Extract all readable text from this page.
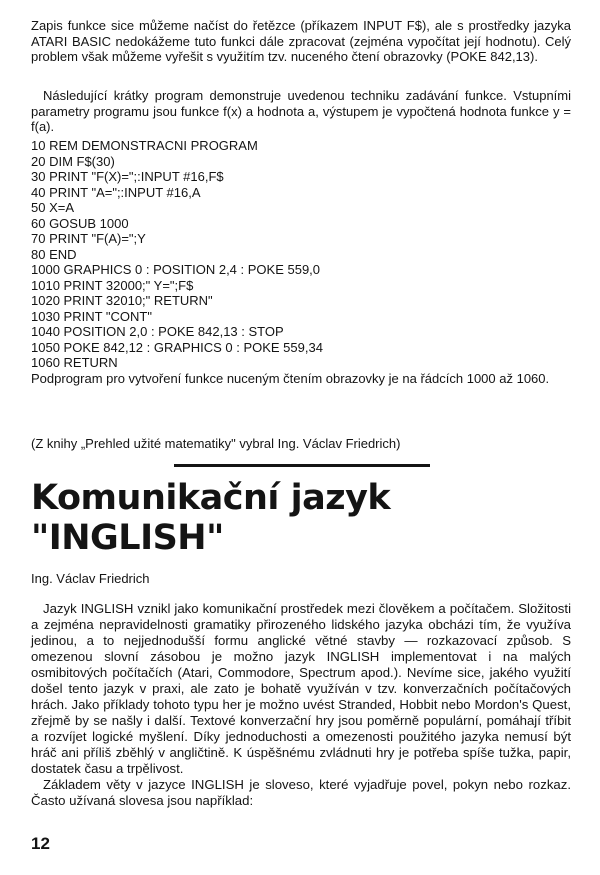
Zapis funkce sice můžeme načíst do řetězce (příkazem INPUT F$), ale s prostředky jazyka ATARI BASIC nedokážeme tuto funkci dále zpracovat (zejména vypočítat její hodnotu). Celý problem však můžeme vyřešit s využitím tzv. nuceného čtení obrazovky (POKE 842,13).

Následující krátky program demonstruje uvedenou techniku zadávání funkce. Vstupními parametry programu jsou funkce f(x) a hodnota a, výstupem je vypočtená hodnota funkce y = f(a).

10 REM DEMONSTRACNI PROGRAM

20 DIM F$(30)

30 PRINT "F(X)=";:INPUT #16,F$

40 PRINT "A=";:INPUT #16,A

50 X=A

60 GOSUB 1000

70 PRINT "F(A)=";Y

80 END

1000 GRAPHICS 0 : POSITION 2,4 : POKE 559,0

1010 PRINT 32000;" Y=";F$

1020 PRINT 32010;" RETURN"

1030 PRINT "CONT"

1040 POSITION 2,0 : POKE 842,13 : STOP

1050 POKE 842,12 : GRAPHICS 0 : POKE 559,34

1060 RETURN

Podprogram pro vytvoření funkce nuceným čtením obrazovky je na řádcích 1000 až 1060.

(Z knihy „Prehled užité matematiky" vybral Ing. Václav Friedrich)

Komunikační jazyk
"INGLISH"

Ing. Václav Friedrich

Jazyk INGLISH vznikl jako komunikační prostředek mezi člověkem a počítačem. Složitosti a zejména nepravidelnosti gramatiky přirozeného lidského jazyka obcházi tím, že využíva jedinou, a to nejjednodušší formu anglické větné stavby — rozkazovací způsob. S omezenou slovní zásobou je možno jazyk INGLISH implementovat i na malých osmibitových počítačích (Atari, Commodore, Spectrum apod.). Nevíme sice, jakého využití došel tento jazyk v praxi, ale zato je bohatě využíván v tzv. konverzačních počítačových hrách. Jako příklady tohoto typu her je možno uvést Stranded, Hobbit nebo Mordon's Quest, zřejmě by se našly i další. Textové konverzační hry jsou poměrně populární, pomáhají tříbit a rozvíjet logické myšlení. Díky jednoduchosti a omezenosti použitého jazyka nemusí být hráč ani příliš zběhlý v angličtině. K úspěšnému zvládnuti hry je potřeba spíše tužka, papir, dostatek času a trpělivost.

Základem věty v jazyce INGLISH je sloveso, které vyjadřuje povel, pokyn nebo rozkaz. Často užívaná slovesa jsou například:

12
